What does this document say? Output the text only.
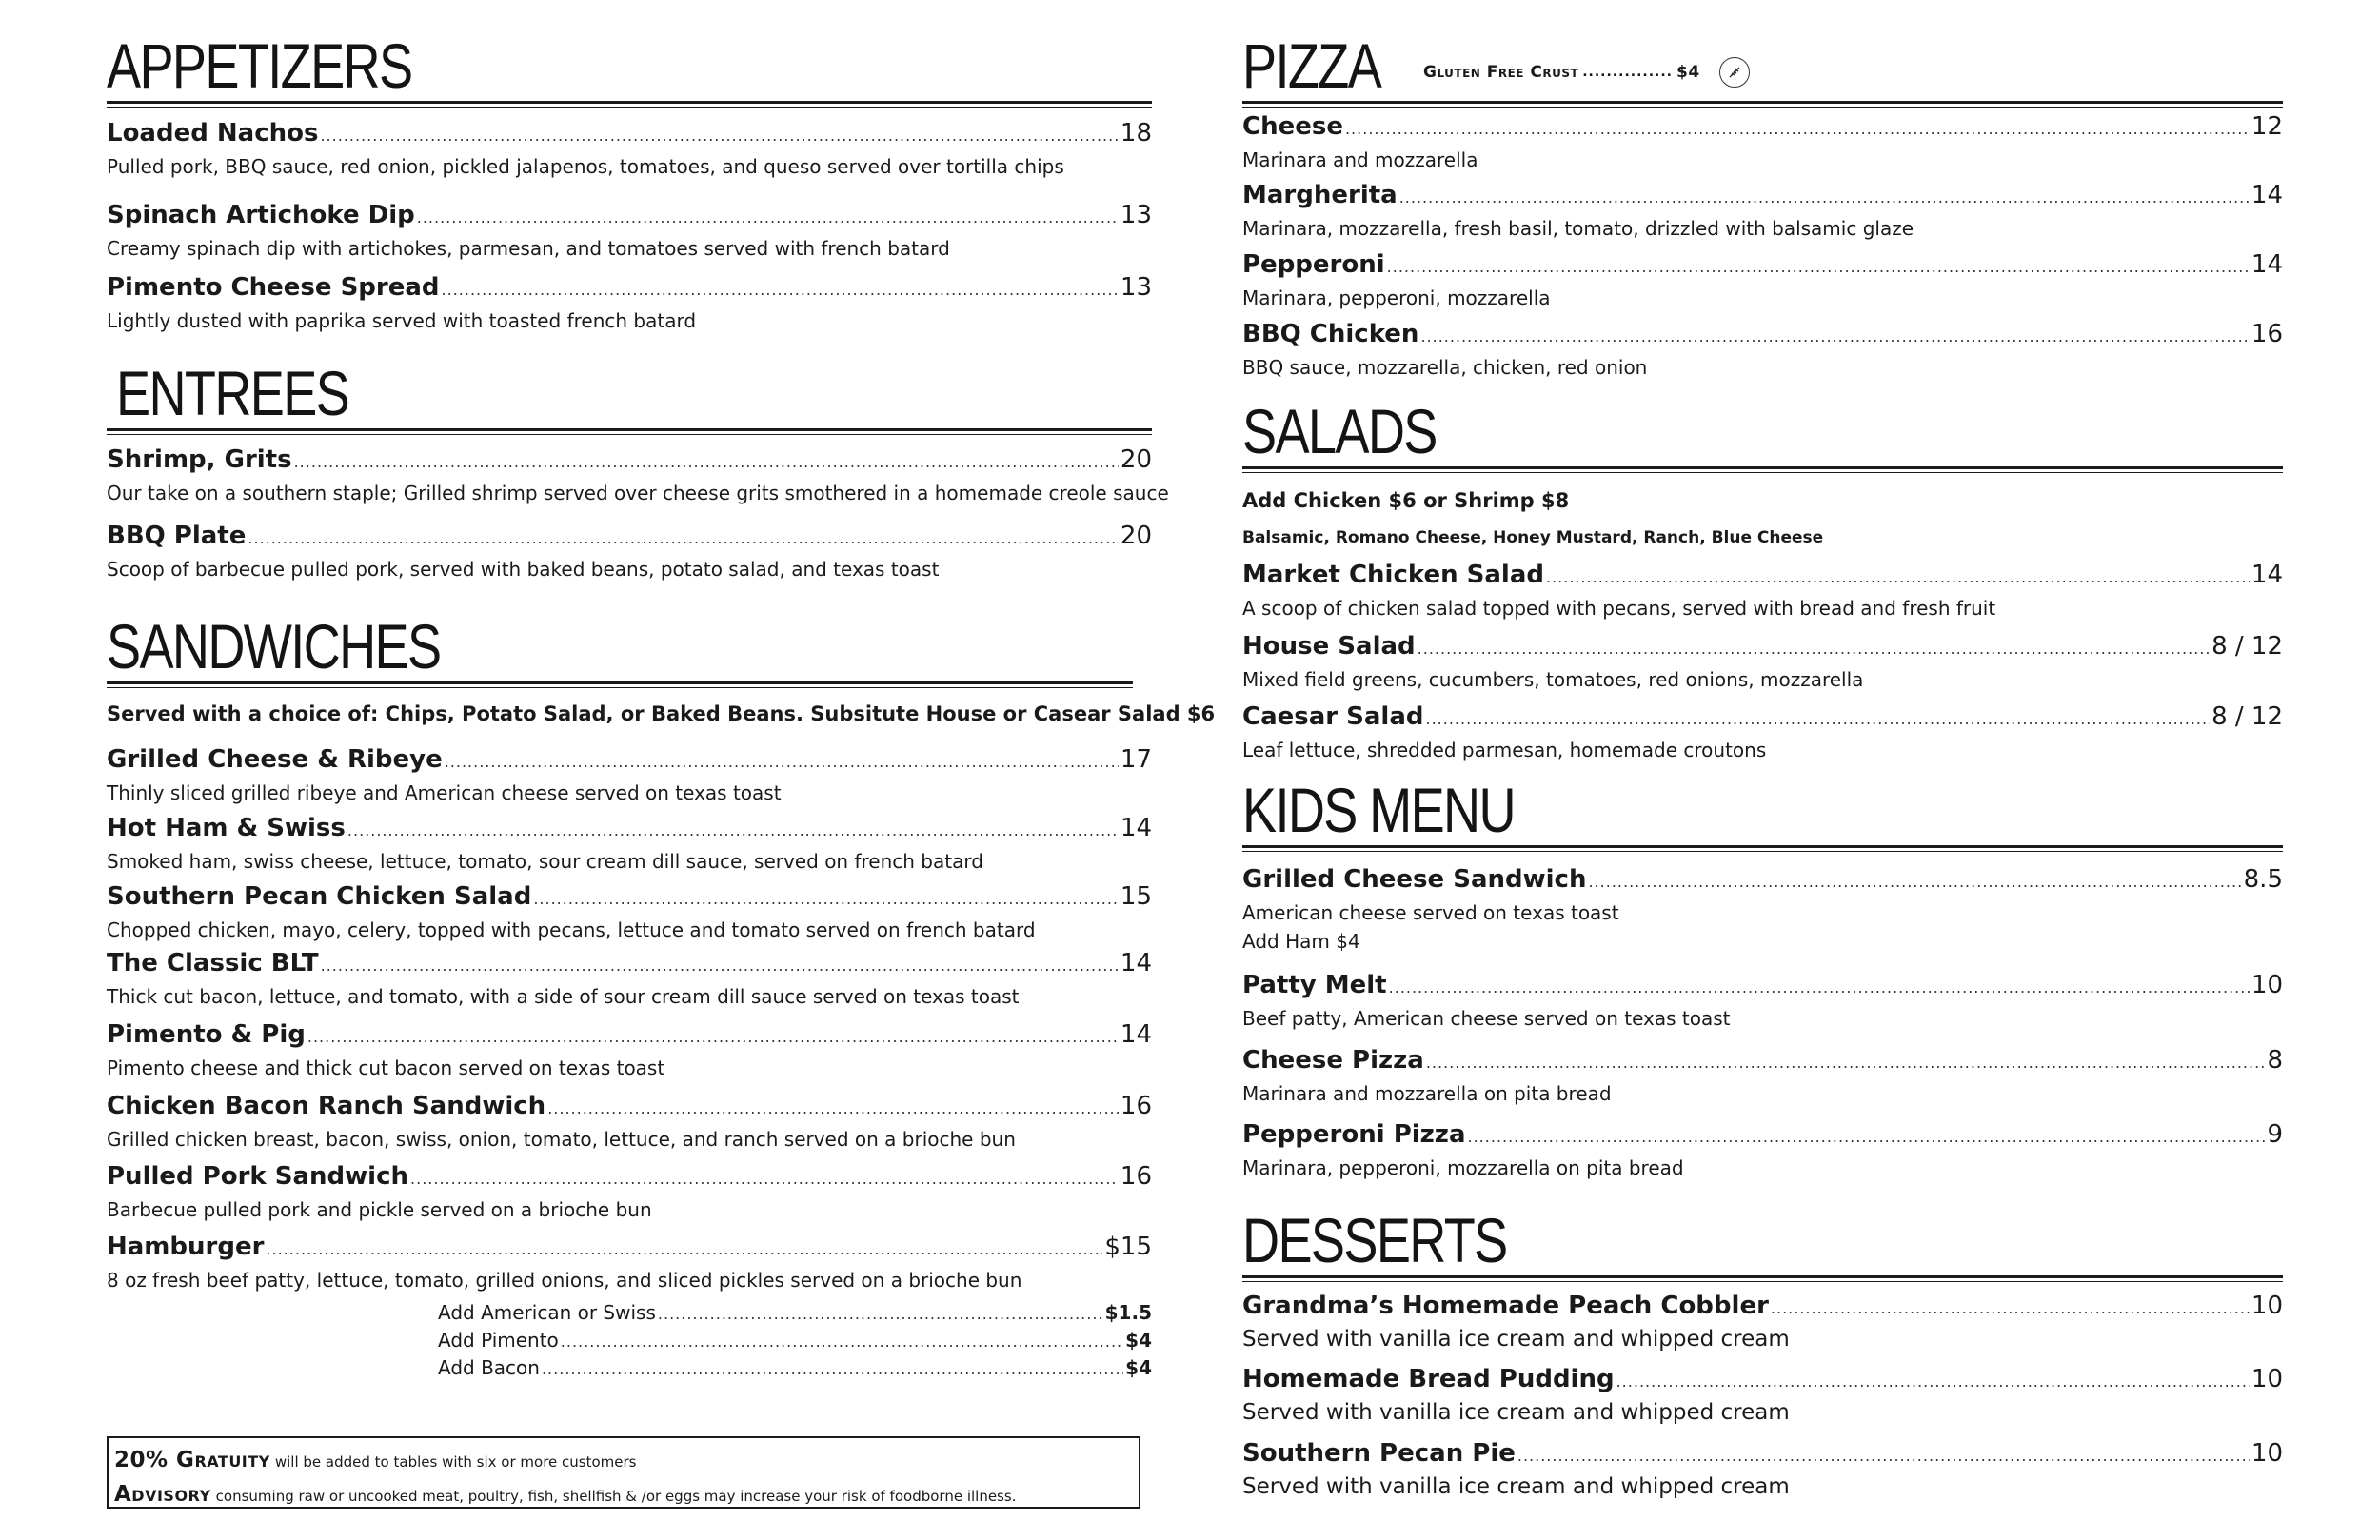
APPETIZERS
Loaded Nachos .....	18
Pulled pork, BBQ sauce, red onion, pickled jalapenos, tomatoes, and queso served over tortilla chips
Spinach Artichoke Dip .....	13
Creamy spinach dip with artichokes, parmesan, and tomatoes served with french batard
Pimento Cheese Spread .....	13
Lightly dusted with paprika served with toasted french batard
ENTREES
Shrimp, Grits .....	20
Our take on a southern staple; Grilled shrimp served over cheese grits smothered in a homemade creole sauce
BBQ Plate .....	20
Scoop of barbecue pulled pork, served with baked beans, potato salad, and texas toast
SANDWICHES
Served with a choice of: Chips, Potato Salad, or Baked Beans. Subsitute House or Casear Salad $6
Grilled Cheese & Ribeye .....	17
Thinly sliced grilled ribeye and American cheese served on texas toast
Hot Ham & Swiss .....	14
Smoked ham, swiss cheese, lettuce, tomato, sour cream dill sauce, served on french batard
Southern Pecan Chicken Salad .....	15
Chopped chicken, mayo, celery, topped with pecans, lettuce and tomato served on french batard
The Classic BLT .....	14
Thick cut bacon, lettuce, and tomato, with a side of sour cream dill sauce served on texas toast
Pimento & Pig .....	14
Pimento cheese and thick cut bacon served on texas toast
Chicken Bacon Ranch Sandwich .....	16
Grilled chicken breast, bacon, swiss, onion, tomato, lettuce, and ranch served on a brioche bun
Pulled Pork Sandwich .....	16
Barbecue pulled pork and pickle served on a brioche bun
Hamburger .....	$15
8 oz fresh beef patty, lettuce, tomato, grilled onions, and sliced pickles served on a brioche bun
Add American or Swiss .....	$1.5
Add Pimento .....	$4
Add Bacon .....	$4
20% Gratuity will be added to tables with six or more customers
Advisory consuming raw or uncooked meat, poultry, fish, shellfish & /or eggs may increase your risk of foodborne illness.
PIZZA	Gluten Free Crust ............... $4
Cheese .....	12
Marinara and mozzarella
Margherita .....	14
Marinara, mozzarella, fresh basil, tomato, drizzled with balsamic glaze
Pepperoni .....	14
Marinara, pepperoni, mozzarella
BBQ Chicken .....	16
BBQ sauce, mozzarella, chicken, red onion
SALADS
Add Chicken $6 or Shrimp $8
Balsamic, Romano Cheese, Honey Mustard, Ranch, Blue Cheese
Market Chicken Salad .....	14
A scoop of chicken salad topped with pecans, served with bread and fresh fruit
House Salad .....	8 / 12
Mixed field greens, cucumbers, tomatoes, red onions, mozzarella
Caesar Salad .....	8 / 12
Leaf lettuce, shredded parmesan, homemade croutons
KIDS MENU
Grilled Cheese Sandwich .....	8.5
American cheese served on texas toast
Add Ham $4
Patty Melt .....	10
Beef patty, American cheese served on texas toast
Cheese Pizza .....	8
Marinara and mozzarella on pita bread
Pepperoni Pizza .....	9
Marinara, pepperoni, mozzarella on pita bread
DESSERTS
Grandma’s Homemade Peach Cobbler .....	10
Served with vanilla ice cream and whipped cream
Homemade Bread Pudding .....	10
Served with vanilla ice cream and whipped cream
Southern Pecan Pie .....	10
Served with vanilla ice cream and whipped cream
